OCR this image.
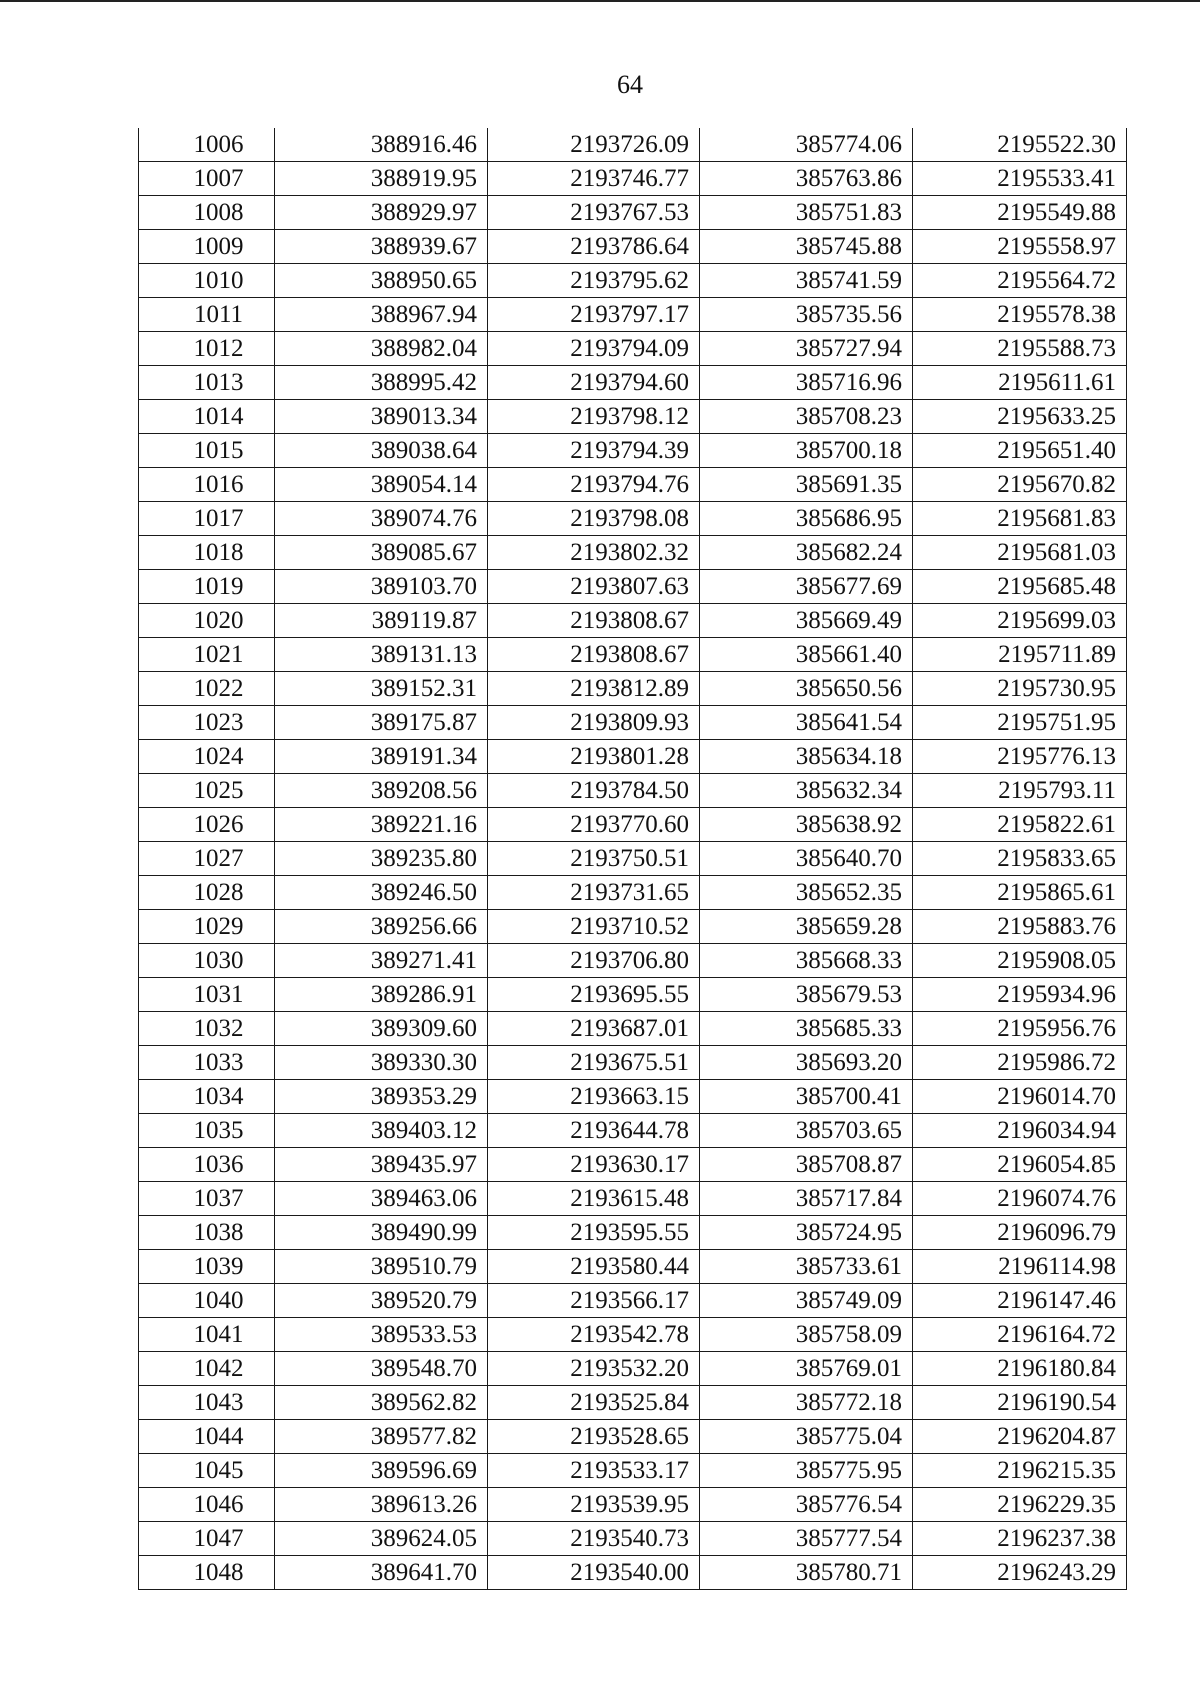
64
1006	388916.46	2193726.09	385774.06	2195522.30
1007	388919.95	2193746.77	385763.86	2195533.41
1008	388929.97	2193767.53	385751.83	2195549.88
1009	388939.67	2193786.64	385745.88	2195558.97
1010	388950.65	2193795.62	385741.59	2195564.72
1011	388967.94	2193797.17	385735.56	2195578.38
1012	388982.04	2193794.09	385727.94	2195588.73
1013	388995.42	2193794.60	385716.96	2195611.61
1014	389013.34	2193798.12	385708.23	2195633.25
1015	389038.64	2193794.39	385700.18	2195651.40
1016	389054.14	2193794.76	385691.35	2195670.82
1017	389074.76	2193798.08	385686.95	2195681.83
1018	389085.67	2193802.32	385682.24	2195681.03
1019	389103.70	2193807.63	385677.69	2195685.48
1020	389119.87	2193808.67	385669.49	2195699.03
1021	389131.13	2193808.67	385661.40	2195711.89
1022	389152.31	2193812.89	385650.56	2195730.95
1023	389175.87	2193809.93	385641.54	2195751.95
1024	389191.34	2193801.28	385634.18	2195776.13
1025	389208.56	2193784.50	385632.34	2195793.11
1026	389221.16	2193770.60	385638.92	2195822.61
1027	389235.80	2193750.51	385640.70	2195833.65
1028	389246.50	2193731.65	385652.35	2195865.61
1029	389256.66	2193710.52	385659.28	2195883.76
1030	389271.41	2193706.80	385668.33	2195908.05
1031	389286.91	2193695.55	385679.53	2195934.96
1032	389309.60	2193687.01	385685.33	2195956.76
1033	389330.30	2193675.51	385693.20	2195986.72
1034	389353.29	2193663.15	385700.41	2196014.70
1035	389403.12	2193644.78	385703.65	2196034.94
1036	389435.97	2193630.17	385708.87	2196054.85
1037	389463.06	2193615.48	385717.84	2196074.76
1038	389490.99	2193595.55	385724.95	2196096.79
1039	389510.79	2193580.44	385733.61	2196114.98
1040	389520.79	2193566.17	385749.09	2196147.46
1041	389533.53	2193542.78	385758.09	2196164.72
1042	389548.70	2193532.20	385769.01	2196180.84
1043	389562.82	2193525.84	385772.18	2196190.54
1044	389577.82	2193528.65	385775.04	2196204.87
1045	389596.69	2193533.17	385775.95	2196215.35
1046	389613.26	2193539.95	385776.54	2196229.35
1047	389624.05	2193540.73	385777.54	2196237.38
1048	389641.70	2193540.00	385780.71	2196243.29
